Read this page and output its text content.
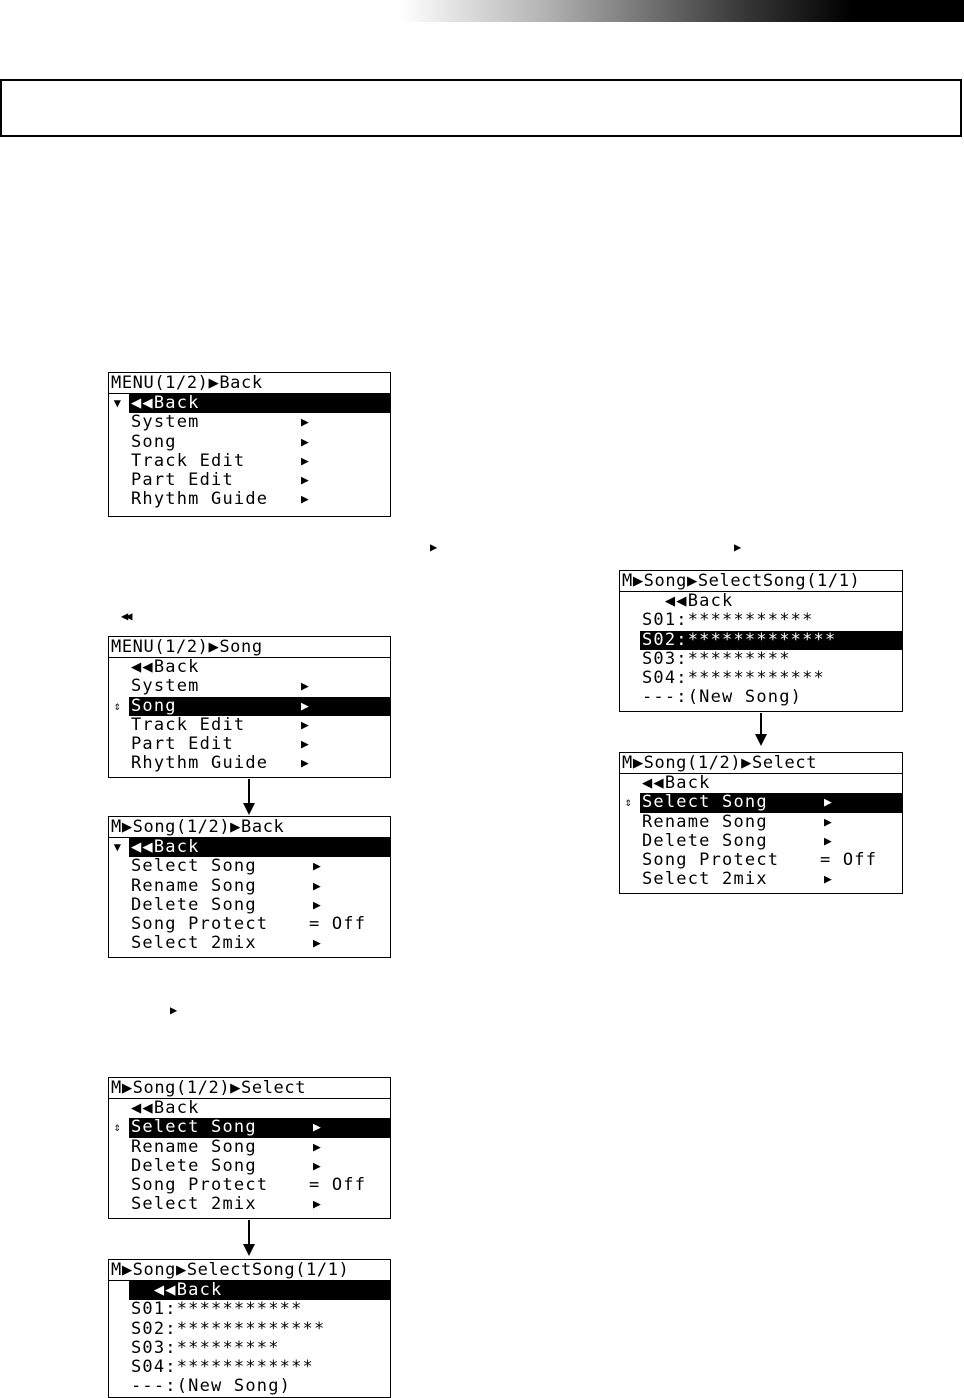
MENU(1/2)▶Back
▼ ◀◀Back
System	▶
Song	▶
Track Edit	▶
Part Edit	▶
Rhythm Guide	▶
▶	▶
◀◀
▶
MENU(1/2)▶Song
◀◀Back
System	▶
⇕ Song	▶
Track Edit	▶
Part Edit	▶
Rhythm Guide	▶
M▶Song(1/2)▶Back
▼ ◀◀Back
Select Song	▶
Rename Song	▶
Delete Song	▶
Song Protect	= Off
Select 2mix	▶
M▶Song(1/2)▶Select
◀◀Back
⇕ Select Song	▶
Rename Song	▶
Delete Song	▶
Song Protect	= Off
Select 2mix	▶
M▶Song▶SelectSong(1/1)
◀◀Back
S01:***********
S02:*************
S03:*********
S04:************
---:(New Song)
M▶Song▶SelectSong(1/1)
◀◀Back
S01:***********
S02:*************
S03:*********
S04:************
---:(New Song)
M▶Song(1/2)▶Select
◀◀Back
⇕ Select Song	▶
Rename Song	▶
Delete Song	▶
Song Protect	= Off
Select 2mix	▶
